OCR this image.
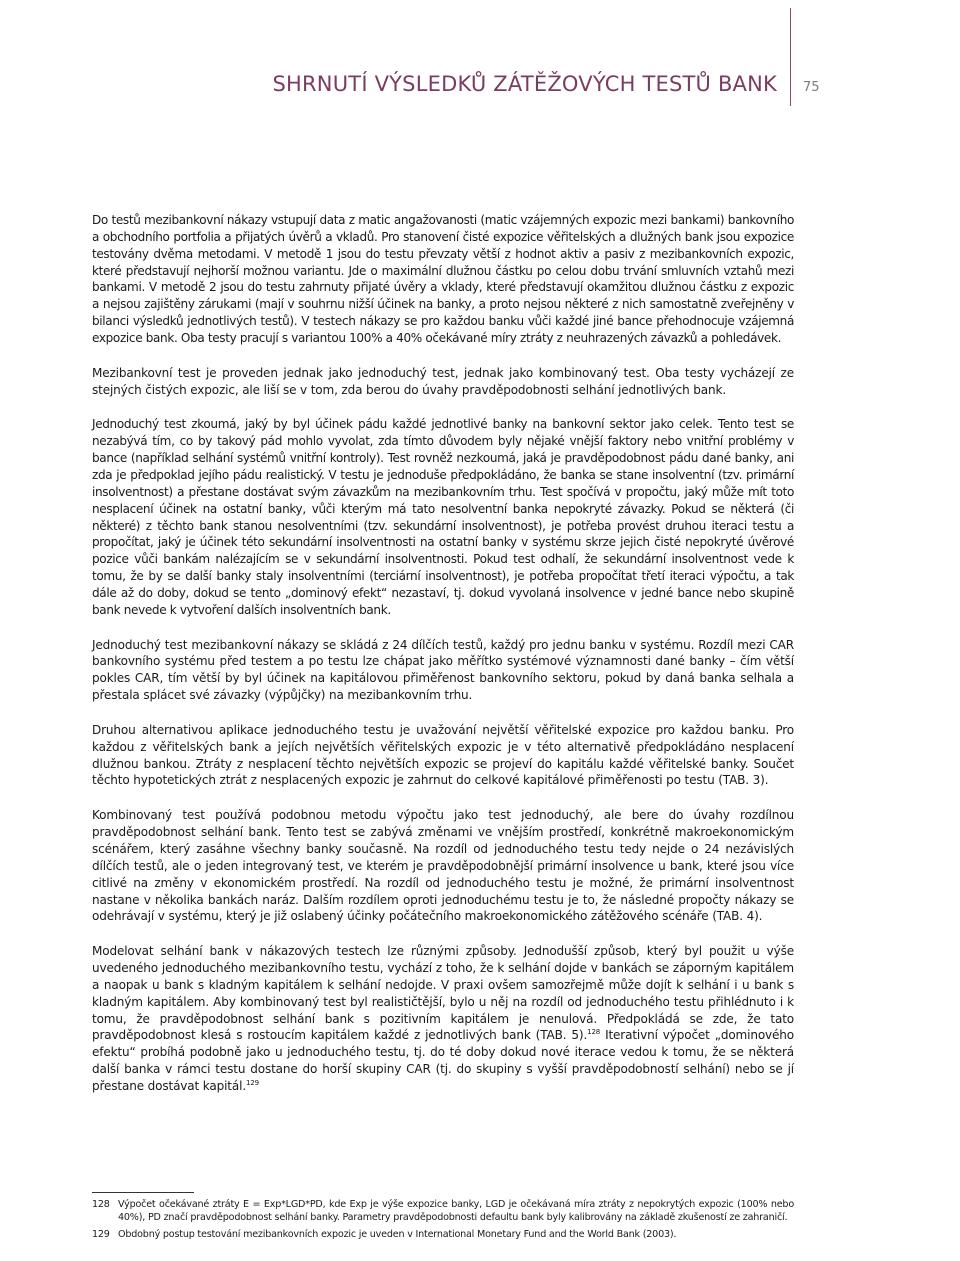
SHRNUTÍ VÝSLEDKŮ ZÁTĚŽOVÝCH TESTŮ BANK 75

Do testů mezibankovní nákazy vstupují data z matic angažovanosti (matic vzájemných expozic mezi bankami) bankovního a obchodního portfolia a přijatých úvěrů a vkladů. Pro stanovení čisté expozice věřitelských a dlužných bank jsou expozice testovány dvěma metodami. V metodě 1 jsou do testu převzaty větší z hodnot aktiv a pasiv z mezibankovních expozic, které představují nejhorší možnou variantu. Jde o maximální dlužnou částku po celou dobu trvání smluvních vztahů mezi bankami. V metodě 2 jsou do testu zahrnuty přijaté úvěry a vklady, které představují okamžitou dlužnou částku z expozic a nejsou zajištěny zárukami (mají v souhrnu nižší účinek na banky, a proto nejsou některé z nich samostatně zveřejněny v bilanci výsledků jednotlivých testů). V testech nákazy se pro každou banku vůči každé jiné bance přehodnocuje vzájemná expozice bank. Oba testy pracují s variantou 100% a 40% očekávané míry ztráty z neuhrazených závazků a pohledávek.

Mezibankovní test je proveden jednak jako jednoduchý test, jednak jako kombinovaný test. Oba testy vycházejí ze stejných čistých expozic, ale liší se v tom, zda berou do úvahy pravděpodobnosti selhání jednotlivých bank.

Jednoduchý test zkoumá, jaký by byl účinek pádu každé jednotlivé banky na bankovní sektor jako celek. Tento test se nezabývá tím, co by takový pád mohlo vyvolat, zda tímto důvodem byly nějaké vnější faktory nebo vnitřní problémy v bance (například selhání systémů vnitřní kontroly). Test rovněž nezkoumá, jaká je pravděpodobnost pádu dané banky, ani zda je předpoklad jejího pádu realistický. V testu je jednoduše předpokládáno, že banka se stane insolventní (tzv. primární insolventnost) a přestane dostávat svým závazkům na mezibankovním trhu. Test spočívá v propočtu, jaký může mít toto nesplacení účinek na ostatní banky, vůči kterým má tato nesolventní banka nepokryté závazky. Pokud se některá (či některé) z těchto bank stanou nesolventními (tzv. sekundární insolventnost), je potřeba provést druhou iteraci testu a propočítat, jaký je účinek této sekundární insolventnosti na ostatní banky v systému skrze jejich čisté nepokryté úvěrové pozice vůči bankám nalézajícím se v sekundární insolventnosti. Pokud test odhalí, že sekundární insolventnost vede k tomu, že by se další banky staly insolventními (terciární insolventnost), je potřeba propočítat třetí iteraci výpočtu, a tak dále až do doby, dokud se tento „dominový efekt“ nezastaví, tj. dokud vyvolaná insolvence v jedné bance nebo skupině bank nevede k vytvoření dalších insolventních bank.

Jednoduchý test mezibankovní nákazy se skládá z 24 dílčích testů, každý pro jednu banku v systému. Rozdíl mezi CAR bankovního systému před testem a po testu lze chápat jako měřítko systémové významnosti dané banky – čím větší pokles CAR, tím větší by byl účinek na kapitálovou přiměřenost bankovního sektoru, pokud by daná banka selhala a přestala splácet své závazky (výpůjčky) na mezibankovním trhu.

Druhou alternativou aplikace jednoduchého testu je uvažování největší věřitelské expozice pro každou banku. Pro každou z věřitelských bank a jejích největších věřitelských expozic je v této alternativě předpokládáno nesplacení dlužnou bankou. Ztráty z nesplacení těchto největších expozic se projeví do kapitálu každé věřitelské banky. Součet těchto hypotetických ztrát z nesplacených expozic je zahrnut do celkové kapitálové přiměřenosti po testu (TAB. 3).

Kombinovaný test používá podobnou metodu výpočtu jako test jednoduchý, ale bere do úvahy rozdílnou pravděpodobnost selhání bank. Tento test se zabývá změnami ve vnějším prostředí, konkrétně makroekonomickým scénářem, který zasáhne všechny banky současně. Na rozdíl od jednoduchého testu tedy nejde o 24 nezávislých dílčích testů, ale o jeden integrovaný test, ve kterém je pravděpodobnější primární insolvence u bank, které jsou více citlivé na změny v ekonomickém prostředí. Na rozdíl od jednoduchého testu je možné, že primární insolventnost nastane v několika bankách naráz. Dalším rozdílem oproti jednoduchému testu je to, že následné propočty nákazy se odehrávají v systému, který je již oslabený účinky počátečního makroekonomického zátěžového scénáře (TAB. 4).

Modelovat selhání bank v nákazových testech lze různými způsoby. Jednodušší způsob, který byl použit u výše uvedeného jednoduchého mezibankovního testu, vychází z toho, že k selhání dojde v bankách se záporným kapitálem a naopak u bank s kladným kapitálem k selhání nedojde. V praxi ovšem samozřejmě může dojít k selhání i u bank s kladným kapitálem. Aby kombinovaný test byl realističtější, bylo u něj na rozdíl od jednoduchého testu přihlédnuto i k tomu, že pravděpodobnost selhání bank s pozitivním kapitálem je nenulová. Předpokládá se zde, že tato pravděpodobnost klesá s rostoucím kapitálem každé z jednotlivých bank (TAB. 5).$^{128}$ Iterativní výpočet „dominového efektu“ probíhá podobně jako u jednoduchého testu, tj. do té doby dokud nové iterace vedou k tomu, že se některá další banka v rámci testu dostane do horší skupiny CAR (tj. do skupiny s vyšší pravděpodobností selhání) nebo se jí přestane dostávat kapitál.$^{129}$

128 Výpočet očekávané ztráty E = Exp*LGD*PD, kde Exp je výše expozice banky, LGD je očekávaná míra ztráty z nepokrytých expozic (100% nebo 40%), PD značí pravděpodobnost selhání banky. Parametry pravděpodobnosti defaultu bank byly kalibrovány na základě zkušeností ze zahraničí.
129 Obdobný postup testování mezibankovních expozic je uveden v International Monetary Fund and the World Bank (2003).
